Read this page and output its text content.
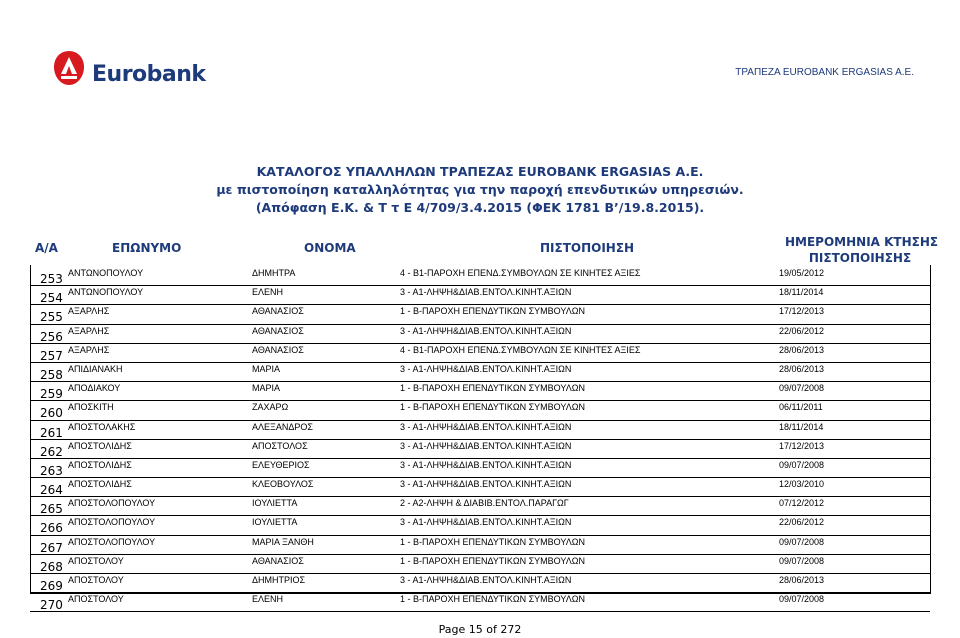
Eurobank	ΤΡΑΠΕΖΑ EUROBANK ERGASIAS A.E.
ΚΑΤΑΛΟΓΟΣ ΥΠΑΛΛΗΛΩΝ ΤΡΑΠΕΖΑΣ EUROBANK ERGASIAS A.E.
με πιστοποίηση καταλληλότητας για την παροχή επενδυτικών υπηρεσιών.
(Απόφαση Ε.Κ. & Τ τ Ε 4/709/3.4.2015 (ΦΕΚ 1781 Β’/19.8.2015).
Α/Α	ΕΠΩΝΥΜΟ	ΟΝΟΜΑ	ΠΙΣΤΟΠΟΙΗΣΗ	ΗΜΕΡΟΜΗΝΙΑ ΚΤΗΣΗΣ
ΠΙΣΤΟΠΟΙΗΣΗΣ
253 ΑΝΤΩΝΟΠΟΥΛΟΥ	ΔΗΜΗΤΡΑ	4 - Β1-ΠΑΡΟΧΗ ΕΠΕΝΔ.ΣΥΜΒΟΥΛΩΝ ΣΕ ΚΙΝΗΤΕΣ ΑΞΙΕΣ	19/05/2012
254 ΑΝΤΩΝΟΠΟΥΛΟΥ	ΕΛΕΝΗ	3 - Α1-ΛΗΨΗ&ΔΙΑΒ.ΕΝΤΟΛ.ΚΙΝΗΤ.ΑΞΙΩΝ	18/11/2014
255 ΑΞΑΡΛΗΣ	ΑΘΑΝΑΣΙΟΣ	1 - Β-ΠΑΡΟΧΗ ΕΠΕΝΔΥΤΙΚΩΝ ΣΥΜΒΟΥΛΩΝ	17/12/2013
256 ΑΞΑΡΛΗΣ	ΑΘΑΝΑΣΙΟΣ	3 - Α1-ΛΗΨΗ&ΔΙΑΒ.ΕΝΤΟΛ.ΚΙΝΗΤ.ΑΞΙΩΝ	22/06/2012
257 ΑΞΑΡΛΗΣ	ΑΘΑΝΑΣΙΟΣ	4 - Β1-ΠΑΡΟΧΗ ΕΠΕΝΔ.ΣΥΜΒΟΥΛΩΝ ΣΕ ΚΙΝΗΤΕΣ ΑΞΙΕΣ	28/06/2013
258 ΑΠΙΔΙΑΝΑΚΗ	ΜΑΡΙΑ	3 - Α1-ΛΗΨΗ&ΔΙΑΒ.ΕΝΤΟΛ.ΚΙΝΗΤ.ΑΞΙΩΝ	28/06/2013
259 ΑΠΟΔΙΑΚΟΥ	ΜΑΡΙΑ	1 - Β-ΠΑΡΟΧΗ ΕΠΕΝΔΥΤΙΚΩΝ ΣΥΜΒΟΥΛΩΝ	09/07/2008
260 ΑΠΟΣΚΙΤΗ	ΖΑΧΑΡΩ	1 - Β-ΠΑΡΟΧΗ ΕΠΕΝΔΥΤΙΚΩΝ ΣΥΜΒΟΥΛΩΝ	06/11/2011
261 ΑΠΟΣΤΟΛΑΚΗΣ	ΑΛΕΞΑΝΔΡΟΣ	3 - Α1-ΛΗΨΗ&ΔΙΑΒ.ΕΝΤΟΛ.ΚΙΝΗΤ.ΑΞΙΩΝ	18/11/2014
262 ΑΠΟΣΤΟΛΙΔΗΣ	ΑΠΟΣΤΟΛΟΣ	3 - Α1-ΛΗΨΗ&ΔΙΑΒ.ΕΝΤΟΛ.ΚΙΝΗΤ.ΑΞΙΩΝ	17/12/2013
263 ΑΠΟΣΤΟΛΙΔΗΣ	ΕΛΕΥΘΕΡΙΟΣ	3 - Α1-ΛΗΨΗ&ΔΙΑΒ.ΕΝΤΟΛ.ΚΙΝΗΤ.ΑΞΙΩΝ	09/07/2008
264 ΑΠΟΣΤΟΛΙΔΗΣ	ΚΛΕΟΒΟΥΛΟΣ	3 - Α1-ΛΗΨΗ&ΔΙΑΒ.ΕΝΤΟΛ.ΚΙΝΗΤ.ΑΞΙΩΝ	12/03/2010
265 ΑΠΟΣΤΟΛΟΠΟΥΛΟΥ	ΙΟΥΛΙΕΤΤΑ	2 - Α2-ΛΗΨΗ & ΔΙΑΒΙΒ.ΕΝΤΟΛ.ΠΑΡΑΓΩΓ	07/12/2012
266 ΑΠΟΣΤΟΛΟΠΟΥΛΟΥ	ΙΟΥΛΙΕΤΤΑ	3 - Α1-ΛΗΨΗ&ΔΙΑΒ.ΕΝΤΟΛ.ΚΙΝΗΤ.ΑΞΙΩΝ	22/06/2012
267 ΑΠΟΣΤΟΛΟΠΟΥΛΟΥ	ΜΑΡΙΑ ΞΑΝΘΗ	1 - Β-ΠΑΡΟΧΗ ΕΠΕΝΔΥΤΙΚΩΝ ΣΥΜΒΟΥΛΩΝ	09/07/2008
268 ΑΠΟΣΤΟΛΟΥ	ΑΘΑΝΑΣΙΟΣ	1 - Β-ΠΑΡΟΧΗ ΕΠΕΝΔΥΤΙΚΩΝ ΣΥΜΒΟΥΛΩΝ	09/07/2008
269 ΑΠΟΣΤΟΛΟΥ	ΔΗΜΗΤΡΙΟΣ	3 - Α1-ΛΗΨΗ&ΔΙΑΒ.ΕΝΤΟΛ.ΚΙΝΗΤ.ΑΞΙΩΝ	28/06/2013
270 ΑΠΟΣΤΟΛΟΥ	ΕΛΕΝΗ	1 - Β-ΠΑΡΟΧΗ ΕΠΕΝΔΥΤΙΚΩΝ ΣΥΜΒΟΥΛΩΝ	09/07/2008
Page 15 of 272
